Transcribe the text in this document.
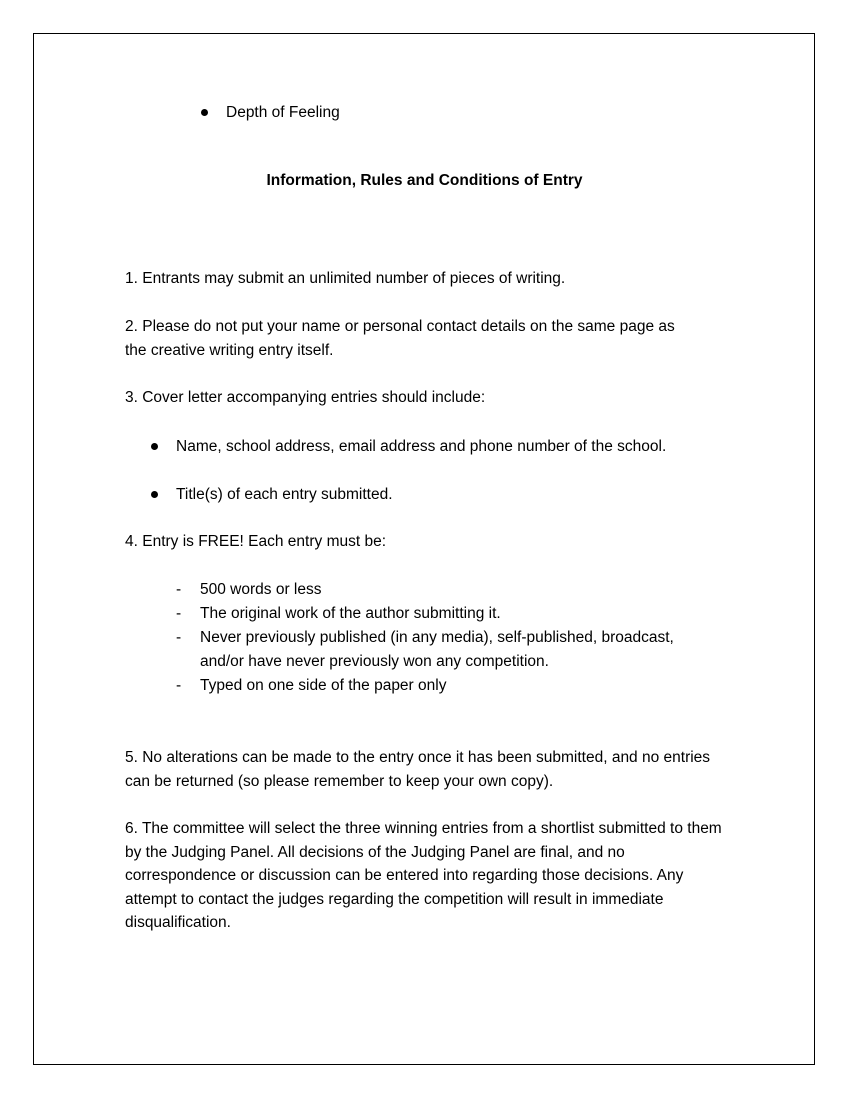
Depth of Feeling
Information, Rules and Conditions of Entry

1. Entrants may submit an unlimited number of pieces of writing.

2. Please do not put your name or personal contact details on the same page as the creative writing entry itself.

3. Cover letter accompanying entries should include:

Name, school address, email address and phone number of the school.
Title(s) of each entry submitted.

4. Entry is FREE! Each entry must be:

- 500 words or less
- The original work of the author submitting it.
- Never previously published (in any media), self-published, broadcast, and/or have never previously won any competition.
- Typed on one side of the paper only

5. No alterations can be made to the entry once it has been submitted, and no entries can be returned (so please remember to keep your own copy).

6. The committee will select the three winning entries from a shortlist submitted to them by the Judging Panel. All decisions of the Judging Panel are final, and no correspondence or discussion can be entered into regarding those decisions. Any attempt to contact the judges regarding the competition will result in immediate disqualification.
